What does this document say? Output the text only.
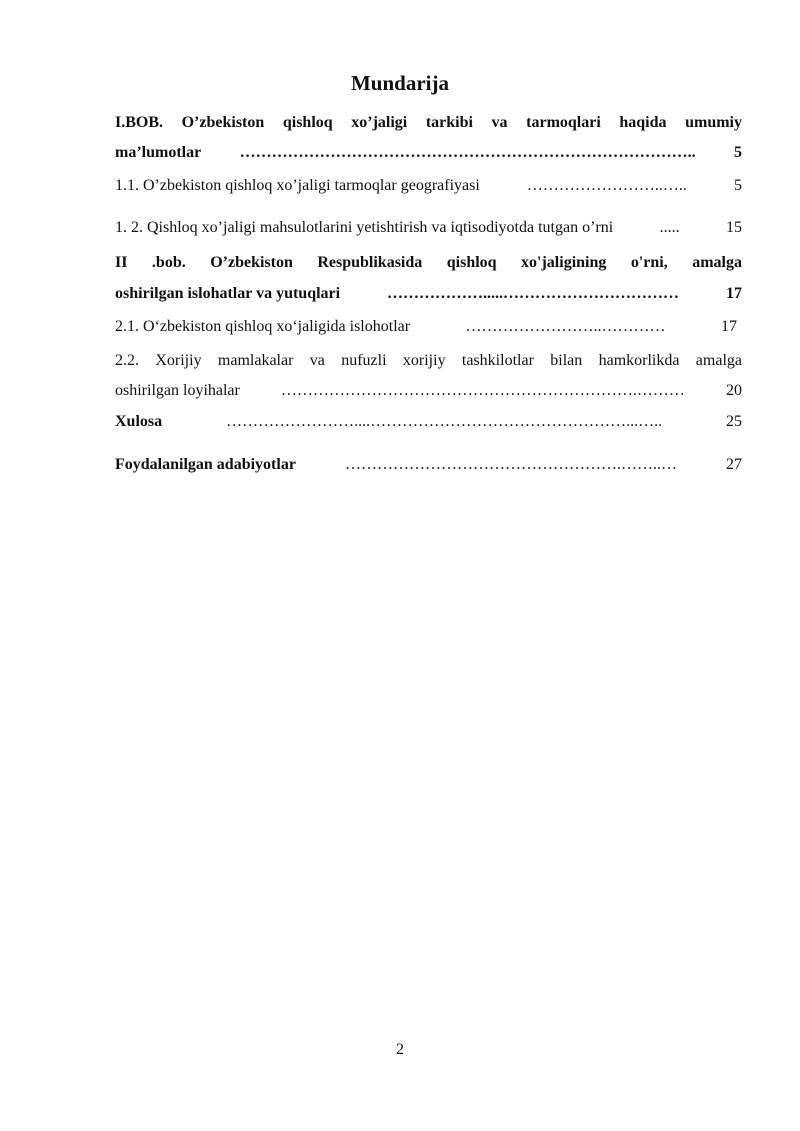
Mundarija
I.BOB. O’zbekiston qishloq xo’jaligi tarkibi va tarmoqlari haqida umumiy
ma’lumotlar	…………………………………………………………………………..	5
1.1. O’zbekiston qishloq xo’jaligi tarmoqlar geografiyasi	……………………..…..	5
1. 2. Qishloq xo’jaligi mahsulotlarini yetishtirish va iqtisodiyotda tutgan o’rni	.....	15
II .bob. O’zbekiston Respublikasida qishloq xo'jaligining o'rni, amalga
oshirilgan islohatlar va yutuqlari	……………….....……………………………	17
2.1. O‘zbekiston qishloq xo‘jaligida islohotlar	……………………..…………	17
2.2. Xorijiy mamlakalar va nufuzli xorijiy tashkilotlar bilan hamkorlikda amalga
oshirilgan loyihalar	………………………………………………………….………	20
Xulosa	……………………....…………………………………………...…..	25
Foydalanilgan adabiyotlar	…………………………………………….……..…	27
2
